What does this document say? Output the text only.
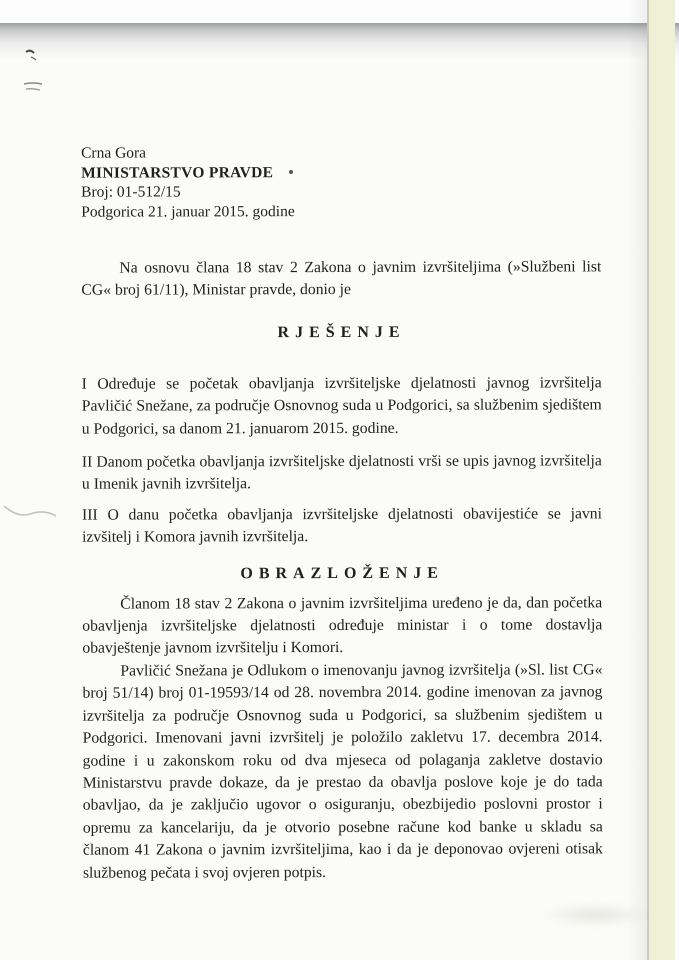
Crna Gora

MINISTARSTVO PRAVDE

Broj: 01-512/15

Podgorica 21. januar 2015. godine

Na osnovu člana 18 stav 2 Zakona o javnim izvršiteljima (»Službeni list CG« broj 61/11), Ministar pravde, donio je

RJEŠENJE

I Određuje se početak obavljanja izvršiteljske djelatnosti javnog izvršitelja Pavličić Snežane, za područje Osnovnog suda u Podgorici, sa službenim sjedištem u Podgorici, sa danom 21. januarom 2015. godine.

II Danom početka obavljanja izvršiteljske djelatnosti vrši se upis javnog izvršitelja u Imenik javnih izvršitelja.

III O danu početka obavljanja izvršiteljske djelatnosti obavijestiće se javni izvšitelj i Komora javnih izvršitelja.

OBRAZLOŽENJE

Članom 18 stav 2 Zakona o javnim izvršiteljima uređeno je da, dan početka obavljenja izvršiteljske djelatnosti određuje ministar i o tome dostavlja obavještenje javnom izvršitelju i Komori.

Pavličić Snežana je Odlukom o imenovanju javnog izvršitelja (»Sl. list CG« broj 51/14) broj 01-19593/14 od 28. novembra 2014. godine imenovan za javnog izvršitelja za područje Osnovnog suda u Podgorici, sa službenim sjedištem u Podgorici. Imenovani javni izvršitelj je položilo zakletvu 17. decembra 2014. godine i u zakonskom roku od dva mjeseca od polaganja zakletve dostavio Ministarstvu pravde dokaze, da je prestao da obavlja poslove koje je do tada obavljao, da je zaključio ugovor o osiguranju, obezbijedio poslovni prostor i opremu za kancelariju, da je otvorio posebne račune kod banke u skladu sa članom 41 Zakona o javnim izvršiteljima, kao i da je deponovao ovjereni otisak službenog pečata i svoj ovjeren potpis.
